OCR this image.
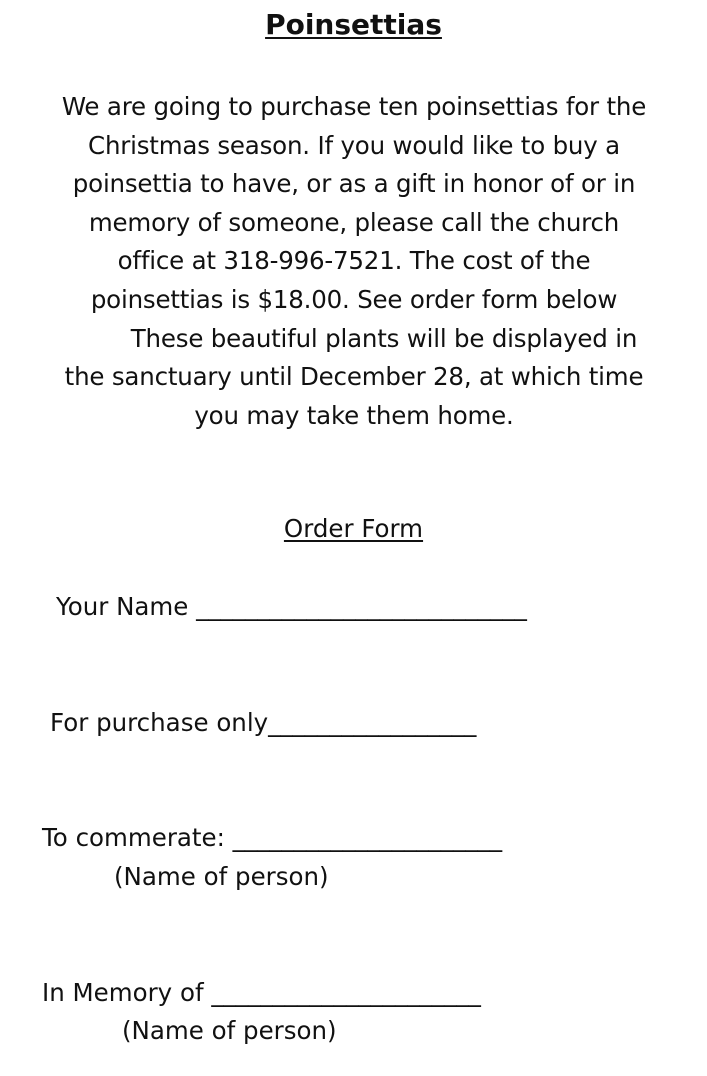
Poinsettias
We are going to purchase ten poinsettias for the
Christmas season. If you would like to buy a
poinsettia to have, or as a gift in honor of or in
memory of someone, please call the church
office at 318-996-7521. The cost of the
poinsettias is $18.00. See order form below
These beautiful plants will be displayed in
the sanctuary until December 28, at which time
you may take them home.
Order Form
Your Name ___________________________
For purchase only_________________
To commerate: ______________________
(Name of person)
In Memory of ______________________
(Name of person)
